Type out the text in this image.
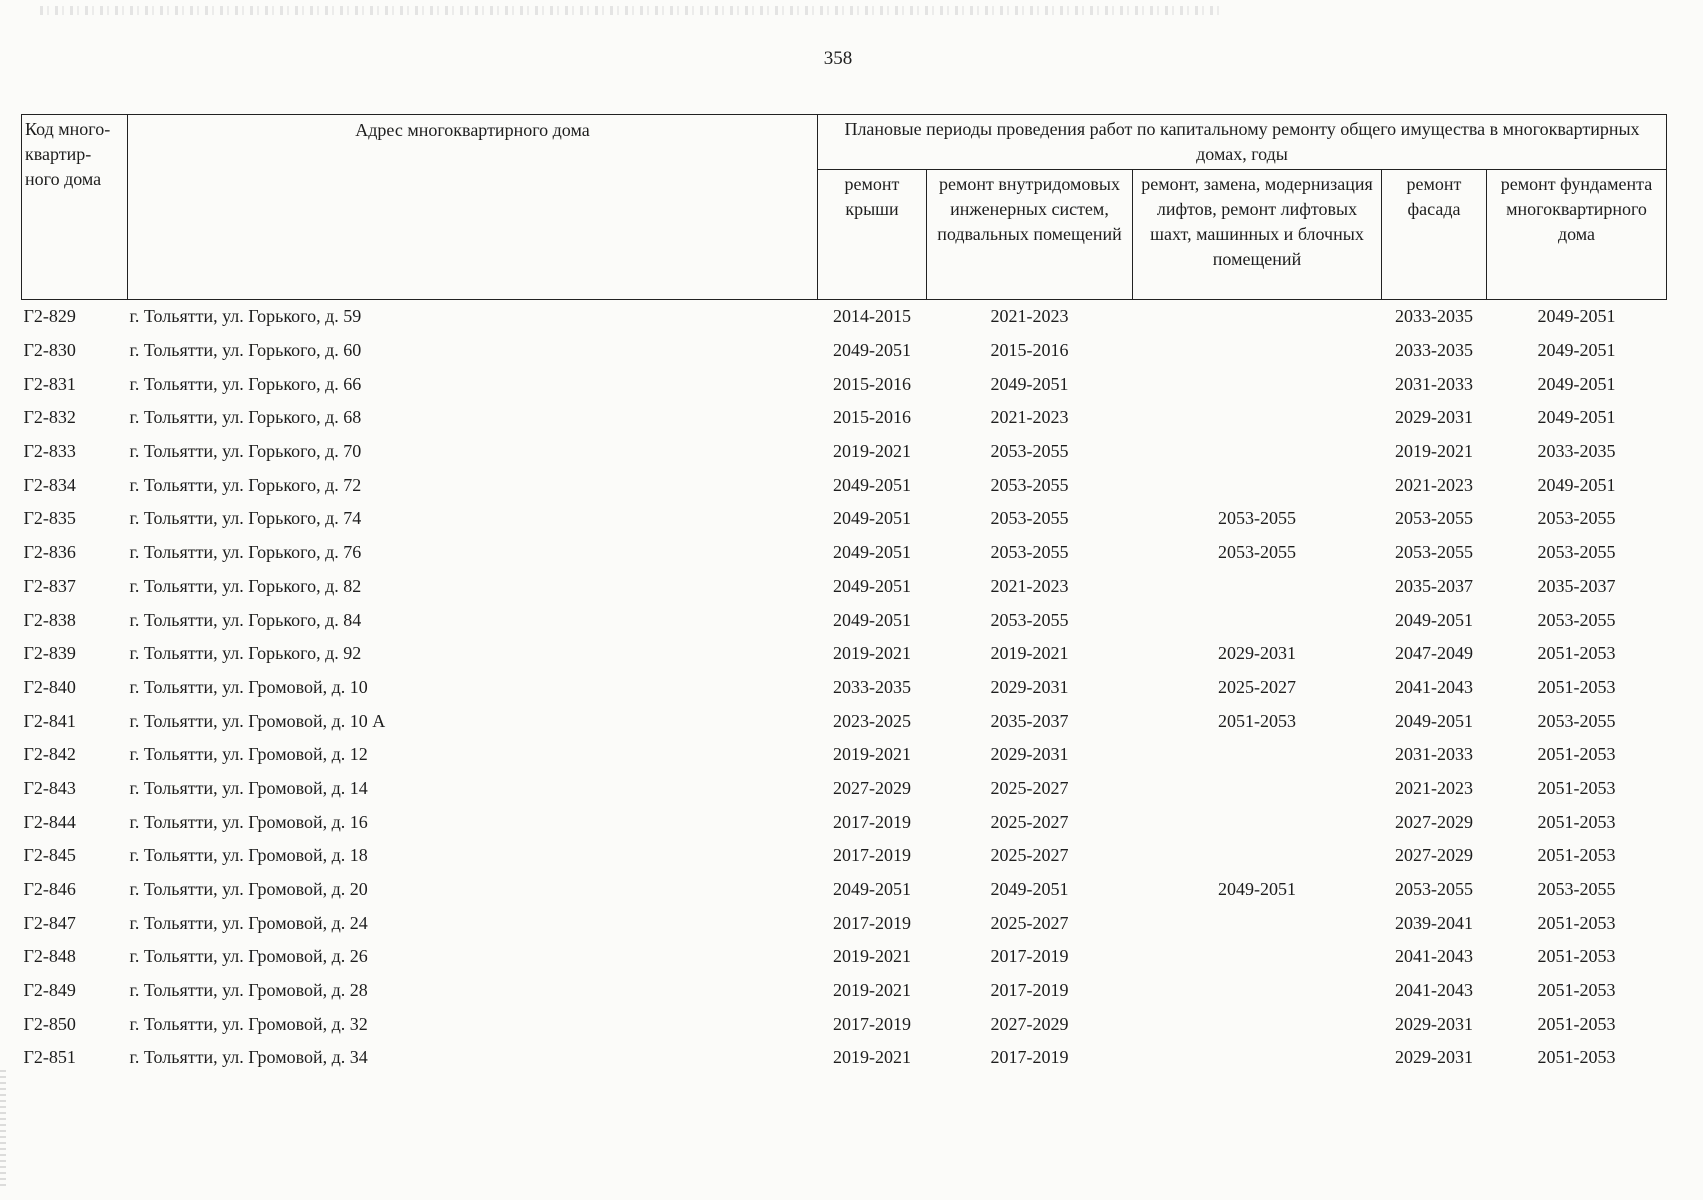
358
Код много-квартир-ного дома	Адрес многоквартирного дома	Плановые периоды проведения работ по капитальному ремонту общего имущества в многоквартирных домах, годы				
		ремонт крыши	ремонт внутридомовых инженерных систем, подвальных помещений	ремонт, замена, модернизация лифтов, ремонт лифтовых шахт, машинных и блочных помещений	ремонт фасада	ремонт фундамента многоквартирного дома
Г2-829	г. Тольятти, ул. Горького, д. 59	2014-2015	2021-2023		2033-2035	2049-2051
Г2-830	г. Тольятти, ул. Горького, д. 60	2049-2051	2015-2016		2033-2035	2049-2051
Г2-831	г. Тольятти, ул. Горького, д. 66	2015-2016	2049-2051		2031-2033	2049-2051
Г2-832	г. Тольятти, ул. Горького, д. 68	2015-2016	2021-2023		2029-2031	2049-2051
Г2-833	г. Тольятти, ул. Горького, д. 70	2019-2021	2053-2055		2019-2021	2033-2035
Г2-834	г. Тольятти, ул. Горького, д. 72	2049-2051	2053-2055		2021-2023	2049-2051
Г2-835	г. Тольятти, ул. Горького, д. 74	2049-2051	2053-2055	2053-2055	2053-2055	2053-2055
Г2-836	г. Тольятти, ул. Горького, д. 76	2049-2051	2053-2055	2053-2055	2053-2055	2053-2055
Г2-837	г. Тольятти, ул. Горького, д. 82	2049-2051	2021-2023		2035-2037	2035-2037
Г2-838	г. Тольятти, ул. Горького, д. 84	2049-2051	2053-2055		2049-2051	2053-2055
Г2-839	г. Тольятти, ул. Горького, д. 92	2019-2021	2019-2021	2029-2031	2047-2049	2051-2053
Г2-840	г. Тольятти, ул. Громовой, д. 10	2033-2035	2029-2031	2025-2027	2041-2043	2051-2053
Г2-841	г. Тольятти, ул. Громовой, д. 10 А	2023-2025	2035-2037	2051-2053	2049-2051	2053-2055
Г2-842	г. Тольятти, ул. Громовой, д. 12	2019-2021	2029-2031		2031-2033	2051-2053
Г2-843	г. Тольятти, ул. Громовой, д. 14	2027-2029	2025-2027		2021-2023	2051-2053
Г2-844	г. Тольятти, ул. Громовой, д. 16	2017-2019	2025-2027		2027-2029	2051-2053
Г2-845	г. Тольятти, ул. Громовой, д. 18	2017-2019	2025-2027		2027-2029	2051-2053
Г2-846	г. Тольятти, ул. Громовой, д. 20	2049-2051	2049-2051	2049-2051	2053-2055	2053-2055
Г2-847	г. Тольятти, ул. Громовой, д. 24	2017-2019	2025-2027		2039-2041	2051-2053
Г2-848	г. Тольятти, ул. Громовой, д. 26	2019-2021	2017-2019		2041-2043	2051-2053
Г2-849	г. Тольятти, ул. Громовой, д. 28	2019-2021	2017-2019		2041-2043	2051-2053
Г2-850	г. Тольятти, ул. Громовой, д. 32	2017-2019	2027-2029		2029-2031	2051-2053
Г2-851	г. Тольятти, ул. Громовой, д. 34	2019-2021	2017-2019		2029-2031	2051-2053
